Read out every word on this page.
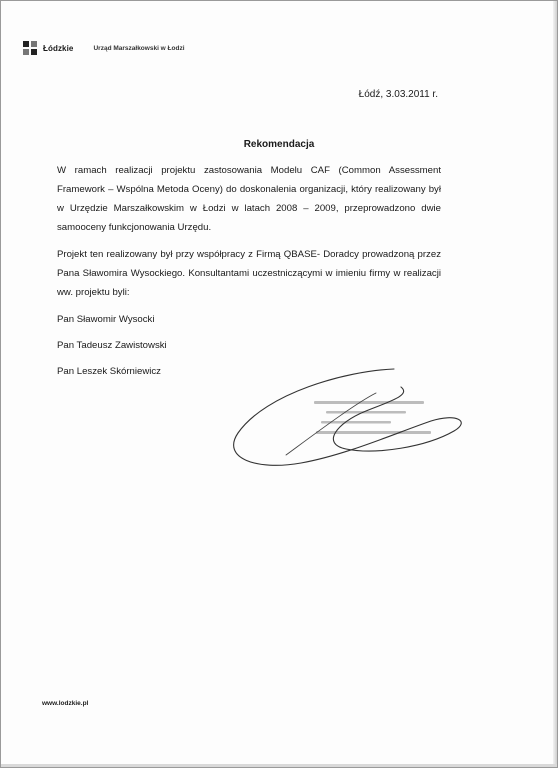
Łódzkie	Urząd Marszałkowski w Łodzi
Łódź, 3.03.2011 r.
Rekomendacja

W ramach realizacji projektu zastosowania Modelu CAF (Common Assessment Framework – Wspólna Metoda Oceny) do doskonalenia organizacji, który realizowany był w Urzędzie Marszałkowskim w Łodzi w latach 2008 – 2009, przeprowadzono dwie samooceny funkcjonowania Urzędu.

Projekt ten realizowany był przy współpracy z Firmą QBASE- Doradcy prowadzoną przez Pana Sławomira Wysockiego. Konsultantami uczestniczącymi w imieniu firmy w realizacji ww. projektu byli:

Pan Sławomir Wysocki

Pan Tadeusz Zawistowski

Pan Leszek Skórniewicz

www.lodzkie.pl
